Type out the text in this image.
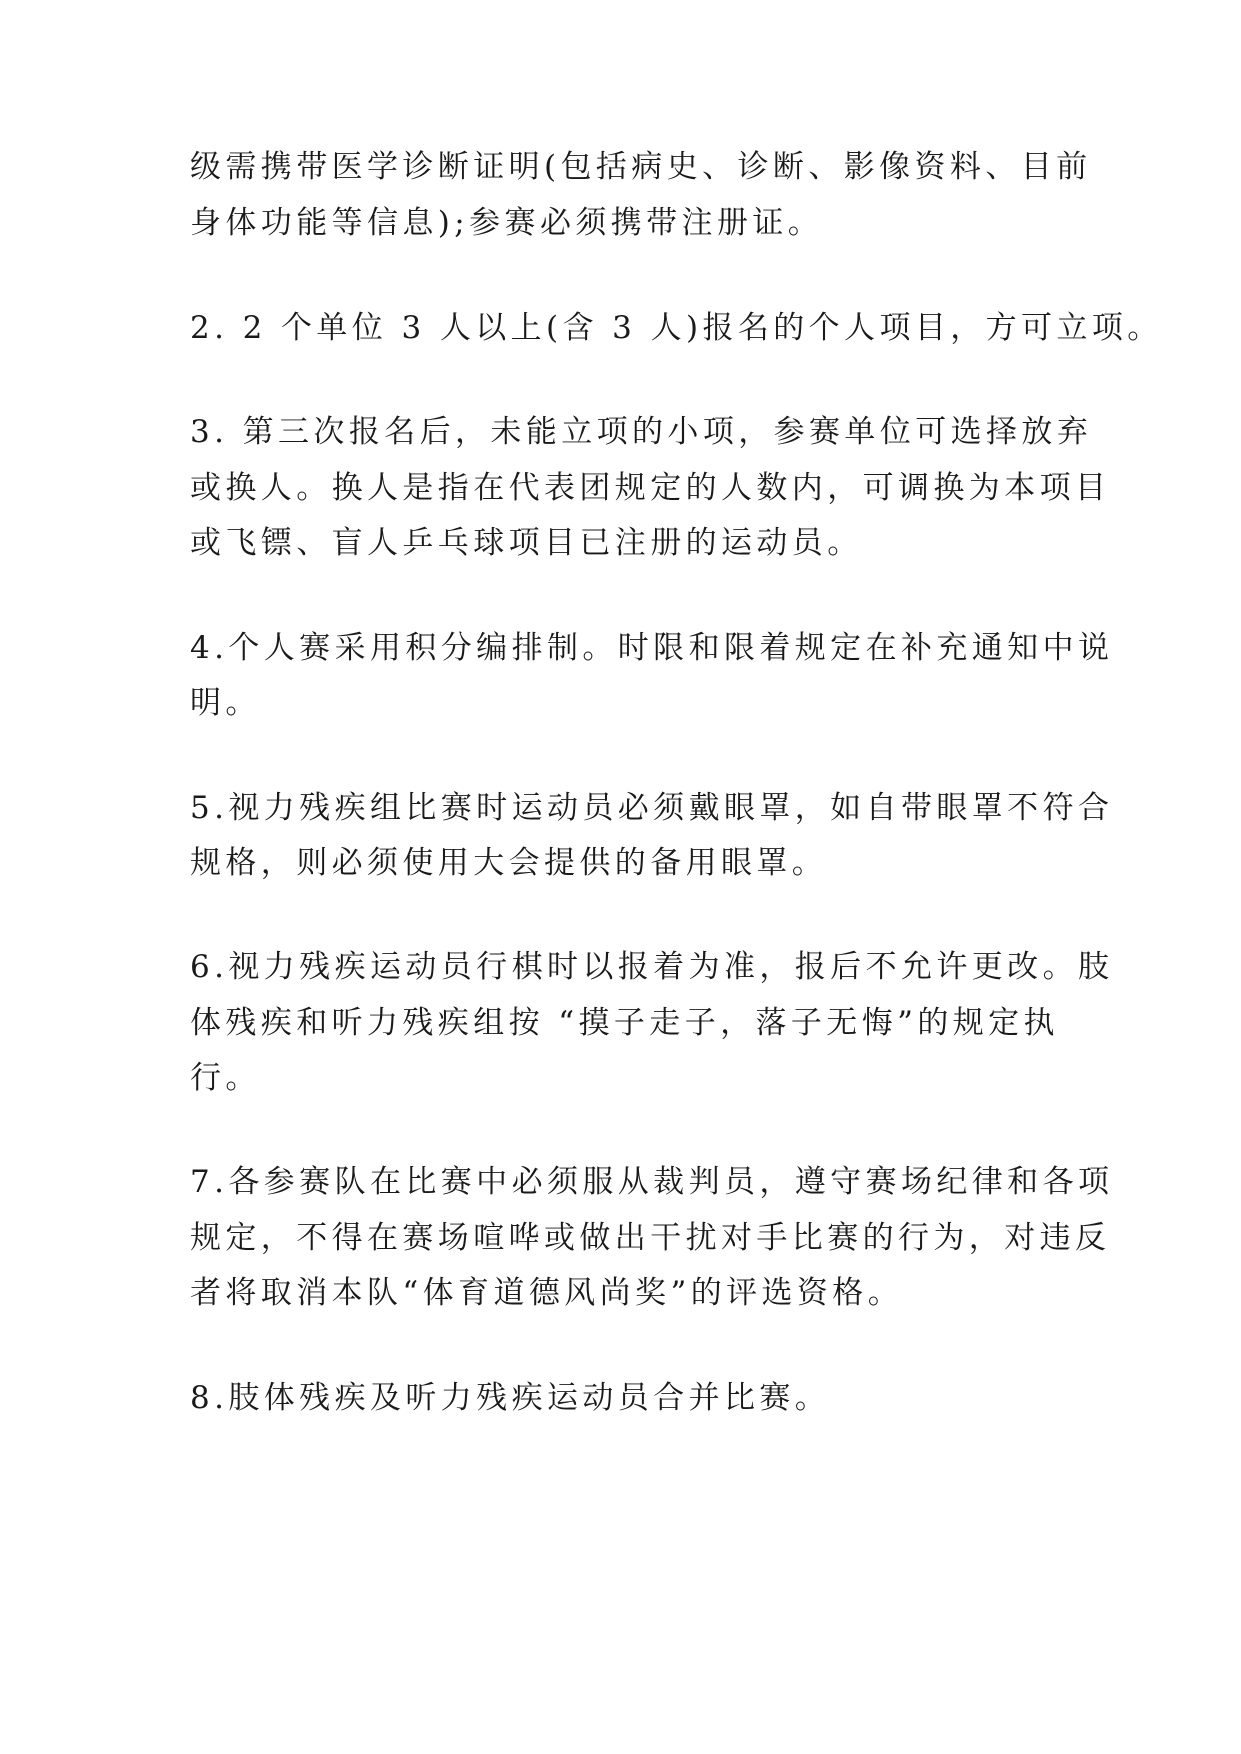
级需携带医学诊断证明(包括病史、诊断、影像资料、目前
身体功能等信息);参赛必须携带注册证。
2. 2 个单位 3 人以上(含 3 人)报名的个人项目，方可立项。
3. 第三次报名后，未能立项的小项，参赛单位可选择放弃
或换人。换人是指在代表团规定的人数内，可调换为本项目
或飞镖、盲人乒乓球项目已注册的运动员。
4.个人赛采用积分编排制。时限和限着规定在补充通知中说
明。
5.视力残疾组比赛时运动员必须戴眼罩，如自带眼罩不符合
规格，则必须使用大会提供的备用眼罩。
6.视力残疾运动员行棋时以报着为准，报后不允许更改。肢
体残疾和听力残疾组按 “摸子走子，落子无悔”的规定执
行。
7.各参赛队在比赛中必须服从裁判员，遵守赛场纪律和各项
规定，不得在赛场喧哗或做出干扰对手比赛的行为，对违反
者将取消本队“体育道德风尚奖”的评选资格。
8.肢体残疾及听力残疾运动员合并比赛。
